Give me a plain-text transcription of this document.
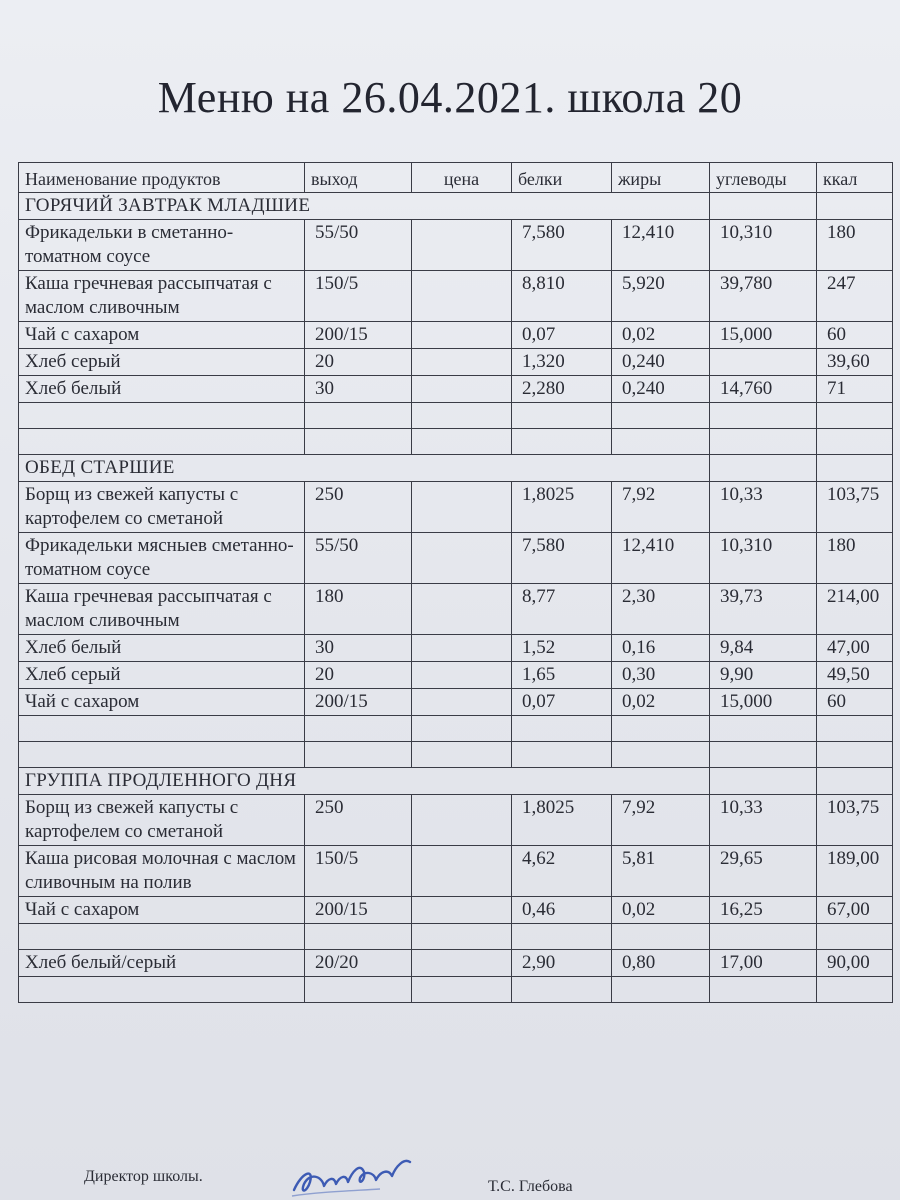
Меню на 26.04.2021. школа 20
Наименование продуктов	выход	цена	белки	жиры	углеводы	ккал
ГОРЯЧИЙ ЗАВТРАК МЛАДШИЕ						
Фрикадельки в сметанно-томатном соусе	55/50		7,580	12,410	10,310	180
Каша гречневая рассыпчатая с маслом сливочным	150/5		8,810	5,920	39,780	247
Чай с сахаром	200/15		0,07	0,02	15,000	60
Хлеб серый	20		1,320	0,240		39,60
Хлеб белый	30		2,280	0,240	14,760	71

ОБЕД СТАРШИЕ						
Борщ из свежей капусты с картофелем со сметаной	250		1,8025	7,92	10,33	103,75
Фрикадельки мясныев сметанно-томатном соусе	55/50		7,580	12,410	10,310	180
Каша гречневая рассыпчатая с маслом сливочным	180		8,77	2,30	39,73	214,00
Хлеб белый	30		1,52	0,16	9,84	47,00
Хлеб серый	20		1,65	0,30	9,90	49,50
Чай с сахаром	200/15		0,07	0,02	15,000	60

ГРУППА ПРОДЛЕННОГО ДНЯ						
Борщ из свежей капусты с картофелем со сметаной	250		1,8025	7,92	10,33	103,75
Каша рисовая молочная с маслом сливочным на полив	150/5		4,62	5,81	29,65	189,00
Чай с сахаром	200/15		0,46	0,02	16,25	67,00

Хлеб белый/серый	20/20		2,90	0,80	17,00	90,00

Директор школы.
Т.С. Глебова
